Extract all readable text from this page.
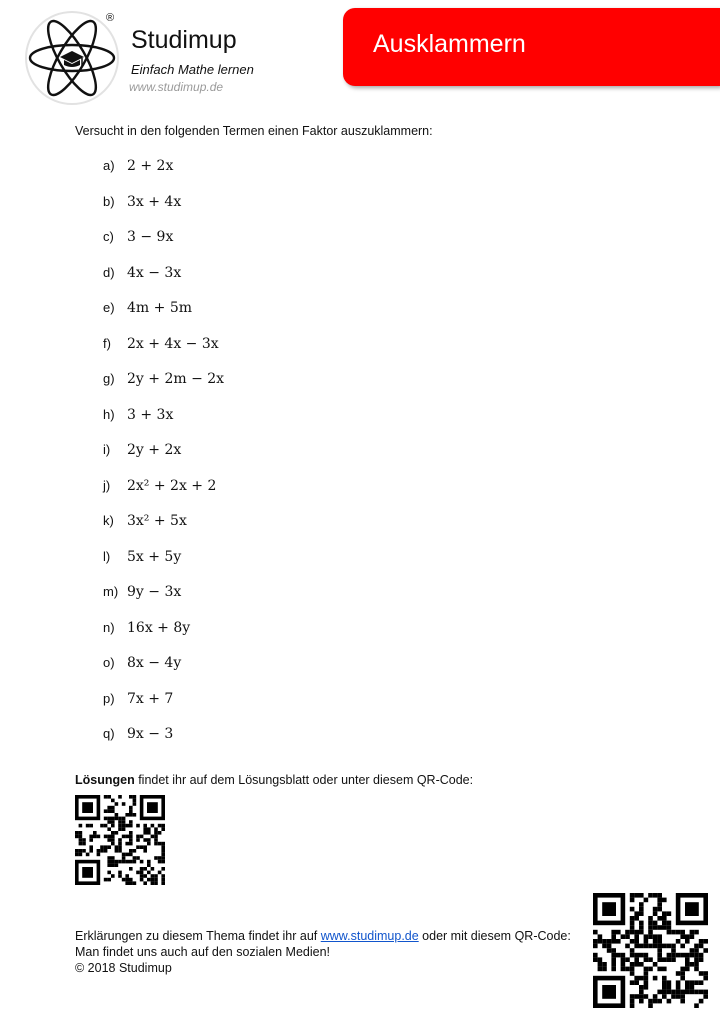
®
Studimup
Einfach Mathe lernen
www.studimup.de
Ausklammern
Versucht in den folgenden Termen einen Faktor auszuklammern:
a) 2 + 2x
b) 3x + 4x
c) 3 − 9x
d) 4x − 3x
e) 4m + 5m
f)	2x + 4x − 3x
g) 2y + 2m − 2x
h) 3 + 3x
i)	2y + 2x
j)	2x² + 2x + 2
k) 3x² + 5x
l)	5x + 5y
m) 9y − 3x
n) 16x + 8y
o) 8x − 4y
p) 7x + 7
q) 9x − 3
Lösungen findet ihr auf dem Lösungsblatt oder unter diesem QR-Code:
Erklärungen zu diesem Thema findet ihr auf www.studimup.de oder mit diesem QR-Code:
Man findet uns auch auf den sozialen Medien!
© 2018 Studimup
